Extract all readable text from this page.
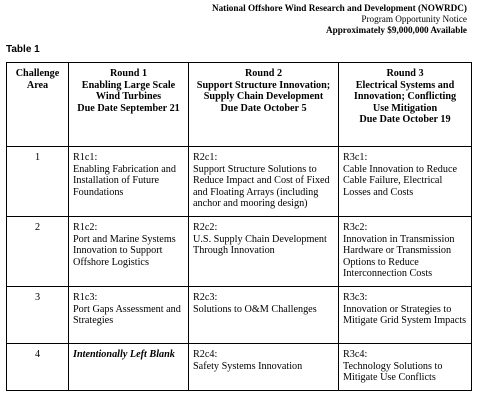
National Offshore Wind Research and Development (NOWRDC)
Program Opportunity Notice
Approximately $9,000,000 Available
Table 1
Challenge
Area	Round 1
Enabling Large Scale
Wind Turbines
Due Date September 21	Round 2
Support Structure Innovation;
Supply Chain Development
Due Date October 5	Round 3
Electrical Systems and
Innovation; Conflicting
Use Mitigation
Due Date October 19

1	R1c1:
Enabling Fabrication and Installation of Future Foundations	R2c1:
Support Structure Solutions to Reduce Impact and Cost of Fixed and Floating Arrays (including anchor and mooring design)	R3c1:
Cable Innovation to Reduce Cable Failure, Electrical Losses and Costs

2	R1c2:
Port and Marine Systems Innovation to Support Offshore Logistics	R2c2:
U.S. Supply Chain Development Through Innovation	R3c2:
Innovation in Transmission Hardware or Transmission Options to Reduce Interconnection Costs

3	R1c3:
Port Gaps Assessment and Strategies	R2c3:
Solutions to O&M Challenges	R3c3:
Innovation or Strategies to Mitigate Grid System Impacts

4	Intentionally Left Blank	R2c4:
Safety Systems Innovation	R3c4:
Technology Solutions to Mitigate Use Conflicts
